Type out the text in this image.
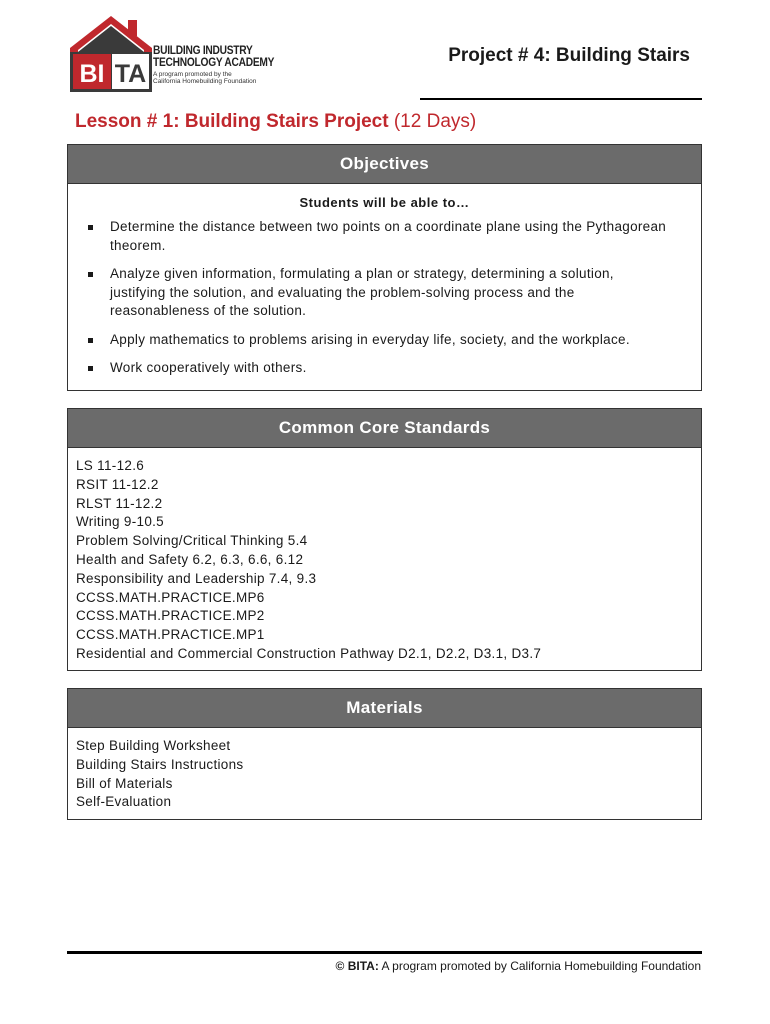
BI TA
BUILDING INDUSTRY
TECHNOLOGY ACADEMY
A program promoted by the
California Homebuilding Foundation
Project # 4: Building Stairs
Lesson # 1: Building Stairs Project (12 Days)
Objectives
Students will be able to…
Determine the distance between two points on a coordinate plane using the Pythagorean theorem.
Analyze given information, formulating a plan or strategy, determining a solution, justifying the solution, and evaluating the problem-solving process and the reasonableness of the solution.
Apply mathematics to problems arising in everyday life, society, and the workplace.
Work cooperatively with others.
Common Core Standards
LS 11-12.6
RSIT 11-12.2
RLST 11-12.2
Writing 9-10.5
Problem Solving/Critical Thinking 5.4
Health and Safety 6.2, 6.3, 6.6, 6.12
Responsibility and Leadership 7.4, 9.3
CCSS.MATH.PRACTICE.MP6
CCSS.MATH.PRACTICE.MP2
CCSS.MATH.PRACTICE.MP1
Residential and Commercial Construction Pathway D2.1, D2.2, D3.1, D3.7
Materials
Step Building Worksheet
Building Stairs Instructions
Bill of Materials
Self-Evaluation
© BITA: A program promoted by California Homebuilding Foundation
